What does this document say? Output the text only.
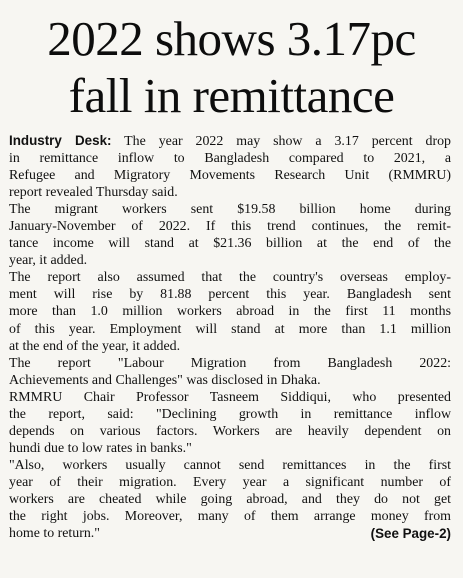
2022 shows 3.17pc
fall in remittance
Industry Desk: The year 2022 may show a 3.17 percent drop
in remittance inflow to Bangladesh compared to 2021, a
Refugee and Migratory Movements Research Unit (RMMRU)
report revealed Thursday said.
The migrant workers sent $19.58 billion home during
January-November of 2022. If this trend continues, the remit-
tance income will stand at $21.36 billion at the end of the
year, it added.
The report also assumed that the country's overseas employ-
ment will rise by 81.88 percent this year. Bangladesh sent
more than 1.0 million workers abroad in the first 11 months
of this year. Employment will stand at more than 1.1 million
at the end of the year, it added.
The report "Labour Migration from Bangladesh 2022:
Achievements and Challenges" was disclosed in Dhaka.
RMMRU Chair Professor Tasneem Siddiqui, who presented
the report, said: "Declining growth in remittance inflow
depends on various factors. Workers are heavily dependent on
hundi due to low rates in banks."
"Also, workers usually cannot send remittances in the first
year of their migration. Every year a significant number of
workers are cheated while going abroad, and they do not get
the right jobs. Moreover, many of them arrange money from
home to return."	(See Page-2)
